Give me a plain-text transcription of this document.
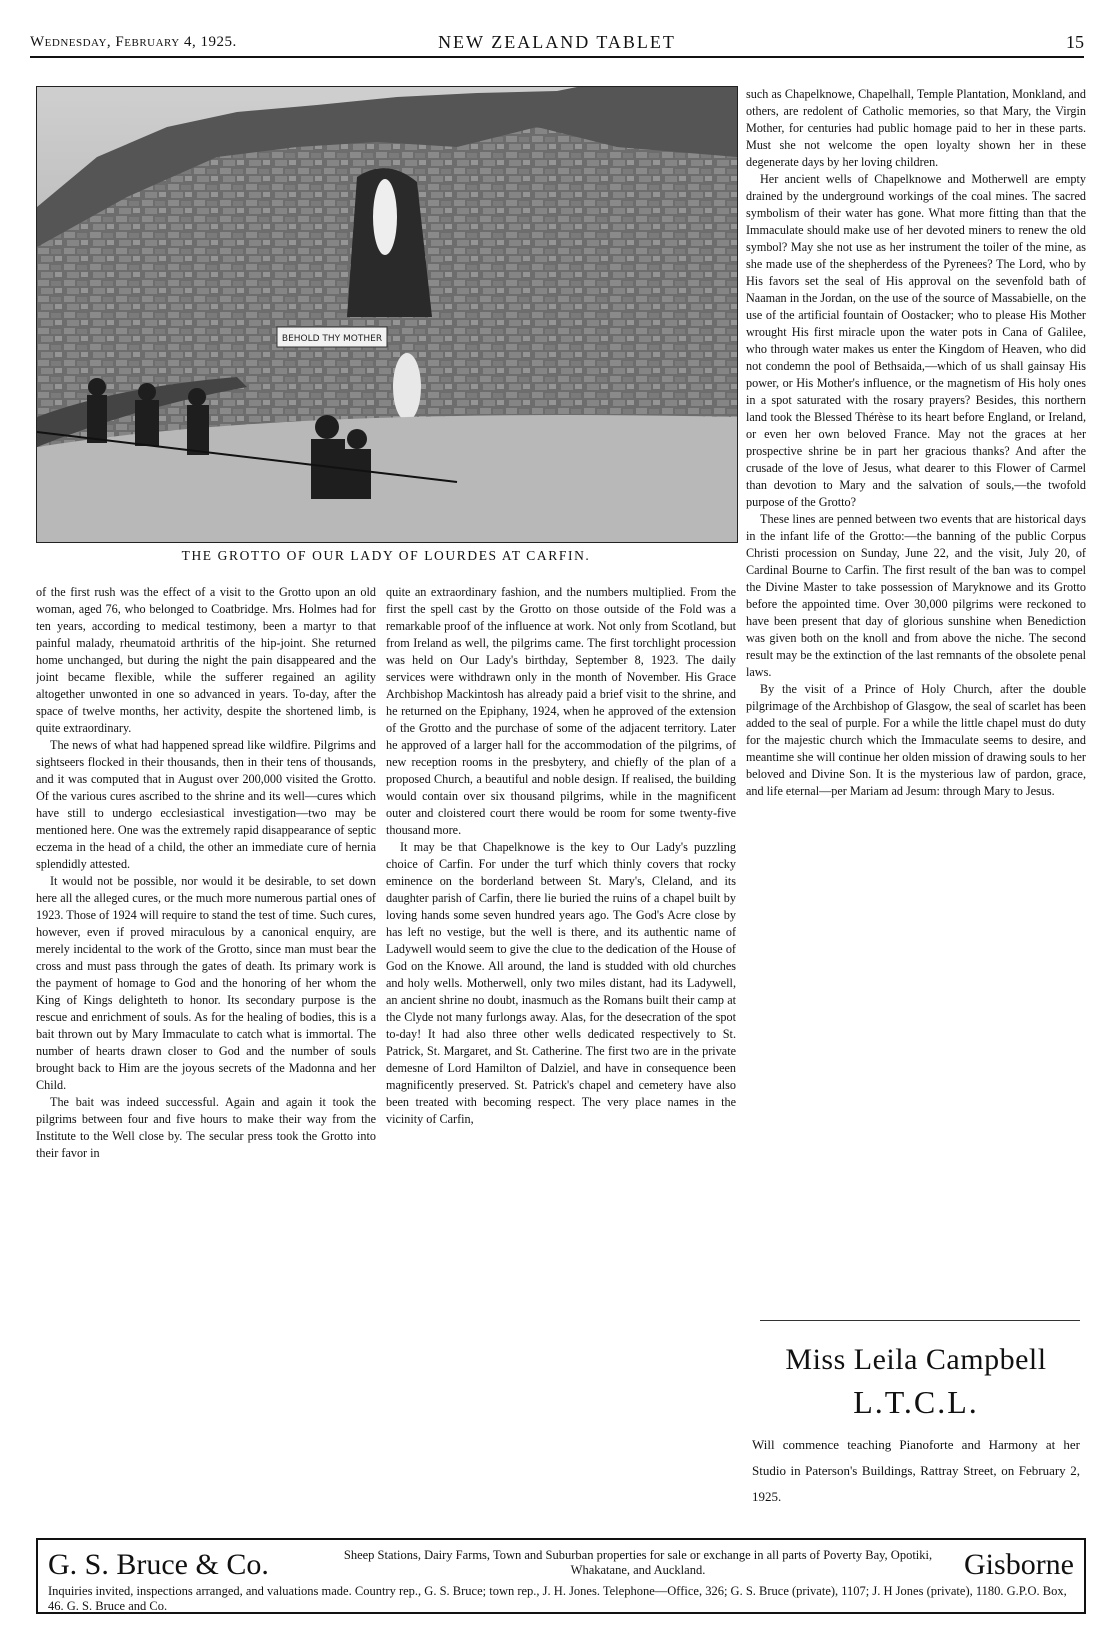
Wednesday, February 4, 1925.	NEW ZEALAND TABLET	15
BEHOLD THY MOTHER
THE GROTTO OF OUR LADY OF LOURDES AT CARFIN.

of the first rush was the effect of a visit to the Grotto upon an old woman, aged 76, who belonged to Coatbridge. Mrs. Holmes had for ten years, according to medical testimony, been a martyr to that painful malady, rheumatoid arthritis of the hip-joint. She returned home unchanged, but during the night the pain disappeared and the joint became flexible, while the sufferer regained an agility altogether unwonted in one so advanced in years. To-day, after the space of twelve months, her activity, despite the shortened limb, is quite extraordinary.

The news of what had happened spread like wildfire. Pilgrims and sightseers flocked in their thousands, then in their tens of thousands, and it was computed that in August over 200,000 visited the Grotto. Of the various cures ascribed to the shrine and its well—cures which have still to undergo ecclesiastical investigation—two may be mentioned here. One was the extremely rapid disappearance of septic eczema in the head of a child, the other an immediate cure of hernia splendidly attested.

It would not be possible, nor would it be desirable, to set down here all the alleged cures, or the much more numerous partial ones of 1923. Those of 1924 will require to stand the test of time. Such cures, however, even if proved miraculous by a canonical enquiry, are merely incidental to the work of the Grotto, since man must bear the cross and must pass through the gates of death. Its primary work is the payment of homage to God and the honoring of her whom the King of Kings delighteth to honor. Its secondary purpose is the rescue and enrichment of souls. As for the healing of bodies, this is a bait thrown out by Mary Immaculate to catch what is immortal. The number of hearts drawn closer to God and the number of souls brought back to Him are the joyous secrets of the Madonna and her Child.

The bait was indeed successful. Again and again it took the pilgrims between four and five hours to make their way from the Institute to the Well close by. The secular press took the Grotto into their favor in

quite an extraordinary fashion, and the numbers multiplied. From the first the spell cast by the Grotto on those outside of the Fold was a remarkable proof of the influence at work. Not only from Scotland, but from Ireland as well, the pilgrims came. The first torchlight procession was held on Our Lady's birthday, September 8, 1923. The daily services were withdrawn only in the month of November. His Grace Archbishop Mackintosh has already paid a brief visit to the shrine, and he returned on the Epiphany, 1924, when he approved of the extension of the Grotto and the purchase of some of the adjacent territory. Later he approved of a larger hall for the accommodation of the pilgrims, of new reception rooms in the presbytery, and chiefly of the plan of a proposed Church, a beautiful and noble design. If realised, the building would contain over six thousand pilgrims, while in the magnificent outer and cloistered court there would be room for some twenty-five thousand more.

It may be that Chapelknowe is the key to Our Lady's puzzling choice of Carfin. For under the turf which thinly covers that rocky eminence on the borderland between St. Mary's, Cleland, and its daughter parish of Carfin, there lie buried the ruins of a chapel built by loving hands some seven hundred years ago. The God's Acre close by has left no vestige, but the well is there, and its authentic name of Ladywell would seem to give the clue to the dedication of the House of God on the Knowe. All around, the land is studded with old churches and holy wells. Motherwell, only two miles distant, had its Ladywell, an ancient shrine no doubt, inasmuch as the Romans built their camp at the Clyde not many furlongs away. Alas, for the desecration of the spot to-day! It had also three other wells dedicated respectively to St. Patrick, St. Margaret, and St. Catherine. The first two are in the private demesne of Lord Hamilton of Dalziel, and have in consequence been magnificently preserved. St. Patrick's chapel and cemetery have also been treated with becoming respect. The very place names in the vicinity of Carfin,

such as Chapelknowe, Chapelhall, Temple Plantation, Monkland, and others, are redolent of Catholic memories, so that Mary, the Virgin Mother, for centuries had public homage paid to her in these parts. Must she not welcome the open loyalty shown her in these degenerate days by her loving children.

Her ancient wells of Chapelknowe and Motherwell are empty drained by the underground workings of the coal mines. The sacred symbolism of their water has gone. What more fitting than that the Immaculate should make use of her devoted miners to renew the old symbol? May she not use as her instrument the toiler of the mine, as she made use of the shepherdess of the Pyrenees? The Lord, who by His favors set the seal of His approval on the sevenfold bath of Naaman in the Jordan, on the use of the source of Massabielle, on the use of the artificial fountain of Oostacker; who to please His Mother wrought His first miracle upon the water pots in Cana of Galilee, who through water makes us enter the Kingdom of Heaven, who did not condemn the pool of Bethsaida,—which of us shall gainsay His power, or His Mother's influence, or the magnetism of His holy ones in a spot saturated with the rosary prayers? Besides, this northern land took the Blessed Thérèse to its heart before England, or Ireland, or even her own beloved France. May not the graces at her prospective shrine be in part her gracious thanks? And after the crusade of the love of Jesus, what dearer to this Flower of Carmel than devotion to Mary and the salvation of souls,—the twofold purpose of the Grotto?

These lines are penned between two events that are historical days in the infant life of the Grotto:—the banning of the public Corpus Christi procession on Sunday, June 22, and the visit, July 20, of Cardinal Bourne to Carfin. The first result of the ban was to compel the Divine Master to take possession of Maryknowe and its Grotto before the appointed time. Over 30,000 pilgrims were reckoned to have been present that day of glorious sunshine when Benediction was given both on the knoll and from above the niche. The second result may be the extinction of the last remnants of the obsolete penal laws.

By the visit of a Prince of Holy Church, after the double pilgrimage of the Archbishop of Glasgow, the seal of scarlet has been added to the seal of purple. For a while the little chapel must do duty for the majestic church which the Immaculate seems to desire, and meantime she will continue her olden mission of drawing souls to her beloved and Divine Son. It is the mysterious law of pardon, grace, and life eternal—per Mariam ad Jesum: through Mary to Jesus.

Miss Leila Campbell
L.T.C.L.
Will commence teaching Pianoforte and Harmony at her Studio in Paterson's Buildings, Rattray Street, on February 2, 1925.
G. S. Bruce & Co.	Sheep Stations, Dairy Farms, Town and Suburban properties for sale or exchange in all parts of Poverty Bay, Opotiki, Whakatane, and Auckland.	Gisborne
Inquiries invited, inspections arranged, and valuations made. Country rep., G. S. Bruce; town rep., J. H. Jones. Telephone—Office, 326; G. S. Bruce (private), 1107; J. H Jones (private), 1180. G.P.O. Box, 46. G. S. Bruce and Co.
